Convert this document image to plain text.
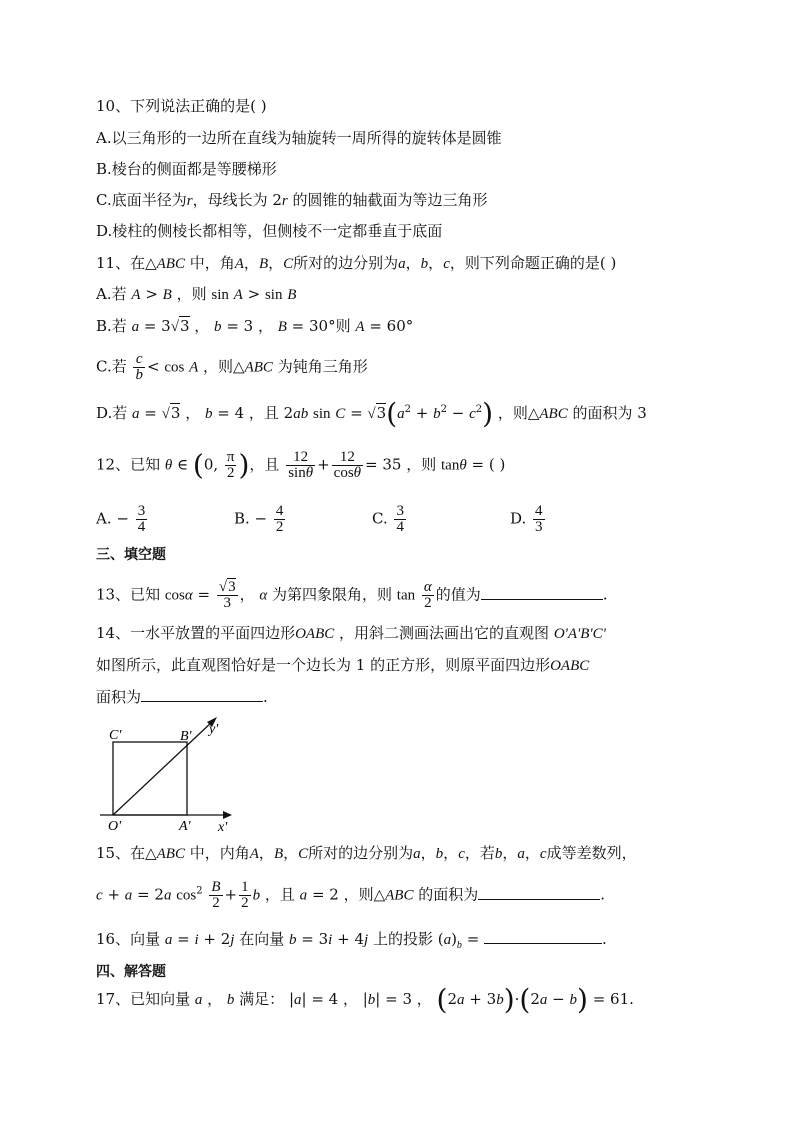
10、下列说法正确的是( )
A.以三角形的一边所在直线为轴旋转一周所得的旋转体是圆锥
B.棱台的侧面都是等腰梯形
C.底面半径为r，母线长为 2r 的圆锥的轴截面为等边三角形
D.棱柱的侧棱长都相等，但侧棱不一定都垂直于底面
11、在△ABC 中，角A，B，C所对的边分别为a，b，c，则下列命题正确的是( )
A.若 A > B ，则 sin A > sin B
B.若 a = 3√3 ， b = 3 ， B = 30°则 A = 60°
C.若 $\frac{c}{b} < \cos A$ ，则△ABC 为钝角三角形
D.若 a = √3 ， b = 4 ，且 2ab $\sin C = √3(a^2 + b^2 - c^2)$ ，则△ABC 的面积为 3
12、已知 θ ∈ (0, $\frac{\pi}{2}$ )，且 $\frac{12}{\sin\theta} + \frac{12}{\cos\theta} = 35$ ，则 tanθ = ( )
A. − $\frac{3}{4}$	B. − $\frac{4}{2}$	C. $\frac{3}{4}$	D. $\frac{4}{3}$
三、填空题
13、已知 $\cos\alpha = \frac{√3}{3}$ ， α 为第四象限角，则 $\tan \frac{\alpha}{2}$ 的值为	.
14、一水平放置的平面四边形OABC ，用斜二测画法画出它的直观图 O'A'B'C'
如图所示，此直观图恰好是一个边长为 1 的正方形，则原平面四边形OABC
面积为	.
C'	B' y'
O'	A' x'
15、在△ABC 中，内角A，B，C所对的边分别为a，b，c，若b，a，c成等差数列，
c + a = 2a $\cos^2 \frac{B}{2} + \frac{1}{2}$ b ，且 a = 2 ，则△ABC 的面积为	.
16、向量 a = i + 2j 在向量 b = 3i + 4j 上的投影 $(a)_b$ =	.
四、解答题
17、已知向量 a ， b 满足： |a| = 4 ， |b| = 3 ， (2a + 3b)·(2a − b) = 61.
